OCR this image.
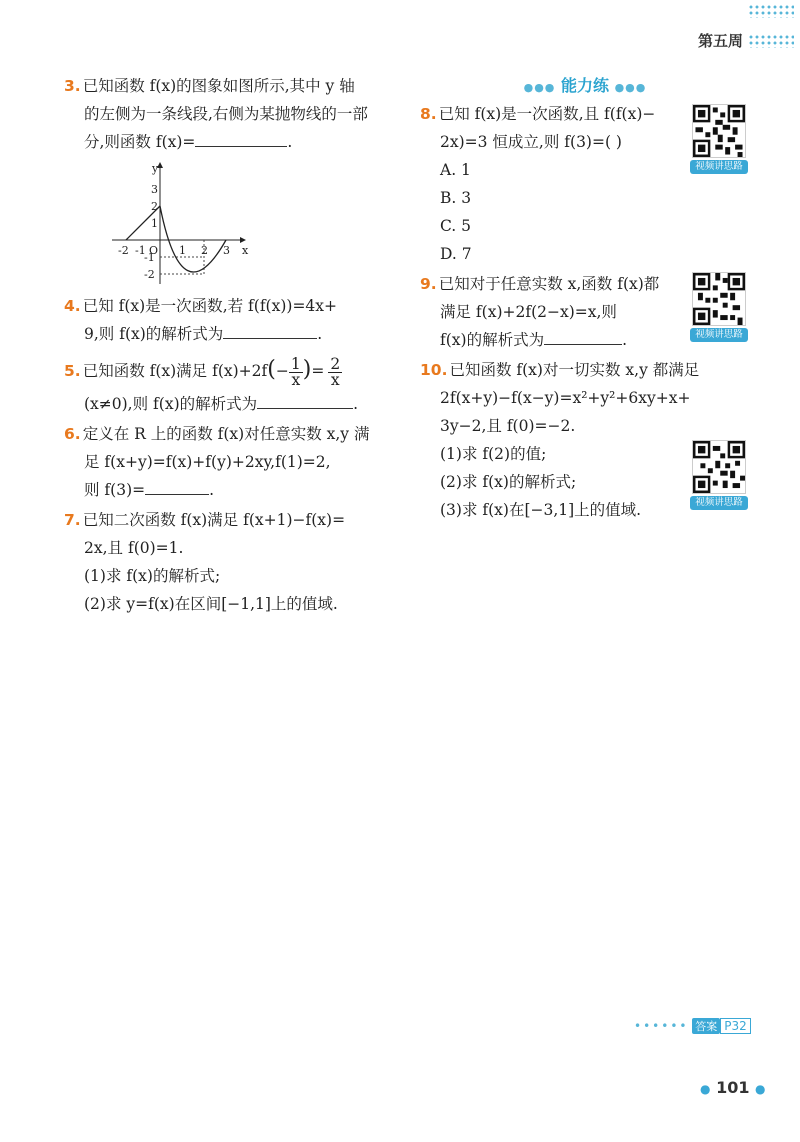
第五周
3. 已知函数 f(x)的图象如图所示,其中 y 轴
的左侧为一条线段,右侧为某抛物线的一部
分,则函数 f(x)=	.
y
x
O
3
2
1
-1
-2
-2 -1	1 2 3
4. 已知 f(x)是一次函数,若 f(f(x))=4x+
9,则 f(x)的解析式为	.
5. 已知函数 f(x)满足 $f(x)+2f(- \frac{1}{x}$ )= $\frac{2}{x}$
(x≠0),则 f(x)的解析式为	.
6. 定义在 R 上的函数 f(x)对任意实数 x,y 满
足 f(x+y)=f(x)+f(y)+2xy,f(1)=2,
则 f(3)=	.
7. 已知二次函数 f(x)满足 f(x+1)−f(x)=
2x,且 f(0)=1.
(1)求 f(x)的解析式;
(2)求 y=f(x)在区间[−1,1]上的值域.
●●● 能力练 ●●●
8. 已知 f(x)是一次函数,且 f(f(x)−
2x)=3 恒成立,则 f(3)=( )
A. 1
B. 3
C. 5
D. 7
9. 已知对于任意实数 x,函数 f(x)都
满足 f(x)+2f(2−x)=x,则
f(x)的解析式为	.
10. 已知函数 f(x)对一切实数 x,y 都满足
2f(x+y)−f(x−y)=x²+y²+6xy+x+
3y−2,且 f(0)=−2.
(1)求 f(2)的值;
(2)求 f(x)的解析式;
(3)求 f(x)在[−3,1]上的值域.
视频讲思路
视频讲思路
视频讲思路
•••••• 答案 P32
● 101 ●
